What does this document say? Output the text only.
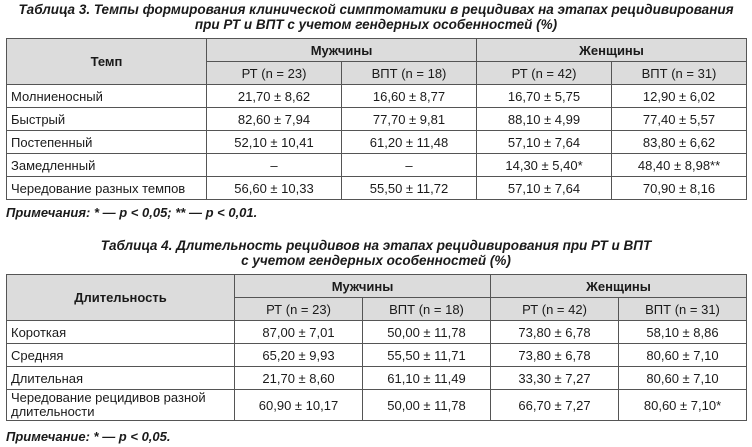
Таблица 3. Темпы формирования клинической симптоматики в рецидивах на этапах рецидивирования
при РТ и ВПТ с учетом гендерных особенностей (%)
Темп	Мужчины		Женщины	
	РТ (n = 23)	ВПТ (n = 18)	РТ (n = 42)	ВПТ (n = 31)
Молниеносный	21,70 ± 8,62	16,60 ± 8,77	16,70 ± 5,75	12,90 ± 6,02
Быстрый	82,60 ± 7,94	77,70 ± 9,81	88,10 ± 4,99	77,40 ± 5,57
Постепенный	52,10 ± 10,41	61,20 ± 11,48	57,10 ± 7,64	83,80 ± 6,62
Замедленный	–	–	14,30 ± 5,40*	48,40 ± 8,98**
Чередование разных темпов	56,60 ± 10,33	55,50 ± 11,72	57,10 ± 7,64	70,90 ± 8,16
Примечания: * — p < 0,05; ** — p < 0,01.
Таблица 4. Длительность рецидивов на этапах рецидивирования при РТ и ВПТ
с учетом гендерных особенностей (%)
Длительность	Мужчины		Женщины	
	РТ (n = 23)	ВПТ (n = 18)	РТ (n = 42)	ВПТ (n = 31)
Короткая	87,00 ± 7,01	50,00 ± 11,78	73,80 ± 6,78	58,10 ± 8,86
Средняя	65,20 ± 9,93	55,50 ± 11,71	73,80 ± 6,78	80,60 ± 7,10
Длительная	21,70 ± 8,60	61,10 ± 11,49	33,30 ± 7,27	80,60 ± 7,10
Чередование рецидивов разной длительности	60,90 ± 10,17	50,00 ± 11,78	66,70 ± 7,27	80,60 ± 7,10*
Примечание: * — p < 0,05.
